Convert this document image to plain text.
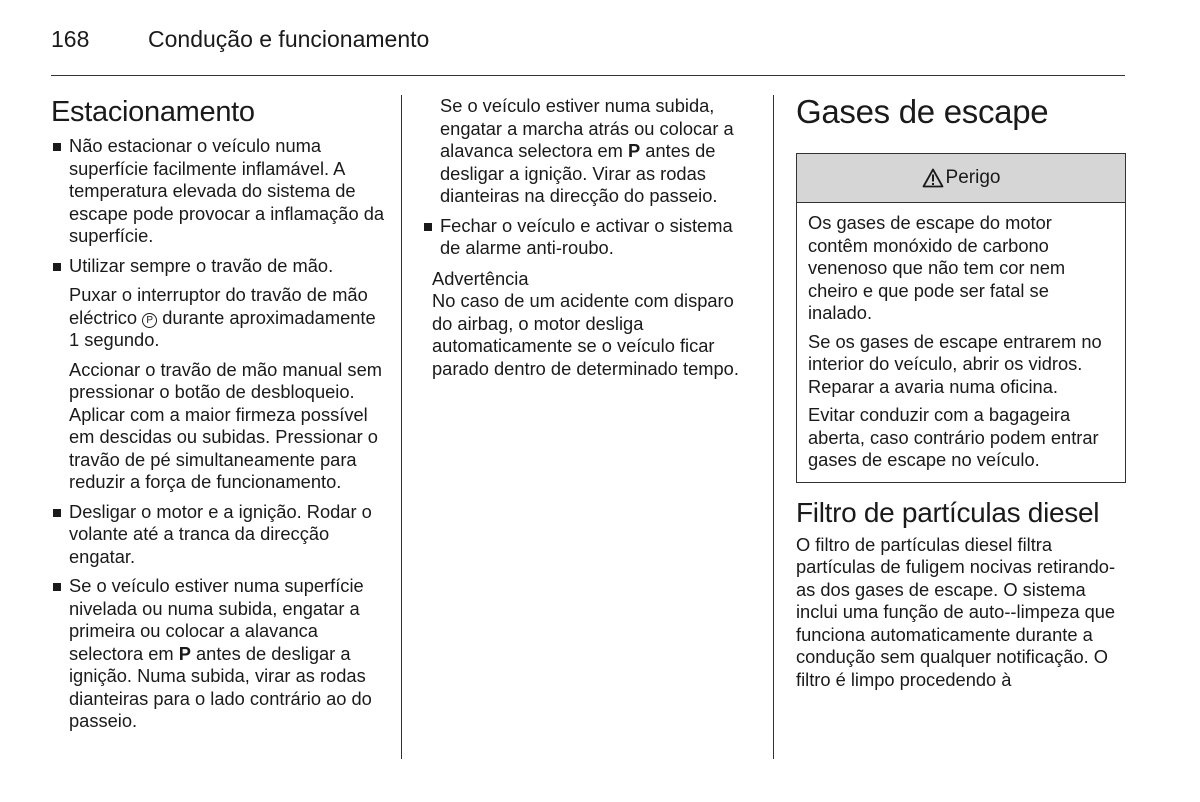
168	Condução e funcionamento
Estacionamento
Não estacionar o veículo numa superfície facilmente inflamável. A temperatura elevada do sistema de escape pode provocar a inflamação da superfície.
Utilizar sempre o travão de mão.

Puxar o interruptor do travão de mão eléctrico P durante aproximadamente 1 segundo.

Accionar o travão de mão manual sem pressionar o botão de desbloqueio. Aplicar com a maior firmeza possível em descidas ou subidas. Pressionar o travão de pé simultaneamente para reduzir a força de funcionamento.

Desligar o motor e a ignição. Rodar o volante até a tranca da direcção engatar.
Se o veículo estiver numa superfície nivelada ou numa subida, engatar a primeira ou colocar a alavanca selectora em P antes de desligar a ignição. Numa subida, virar as rodas dianteiras para o lado contrário ao do passeio.

Se o veículo estiver numa subida, engatar a marcha atrás ou colocar a alavanca selectora em P antes de desligar a ignição. Virar as rodas dianteiras na direcção do passeio.

Fechar o veículo e activar o sistema de alarme anti-roubo.
Advertência
No caso de um acidente com disparo do airbag, o motor desliga automaticamente se o veículo ficar parado dentro de determinado tempo.
Gases de escape
Perigo

Os gases de escape do motor contêm monóxido de carbono venenoso que não tem cor nem cheiro e que pode ser fatal se inalado.

Se os gases de escape entrarem no interior do veículo, abrir os vidros. Reparar a avaria numa oficina.

Evitar conduzir com a bagageira aberta, caso contrário podem entrar gases de escape no veículo.

Filtro de partículas diesel

O filtro de partículas diesel filtra partículas de fuligem nocivas retirando-as dos gases de escape. O sistema inclui uma função de auto--limpeza que funciona automaticamente durante a condução sem qualquer notificação. O filtro é limpo procedendo à
